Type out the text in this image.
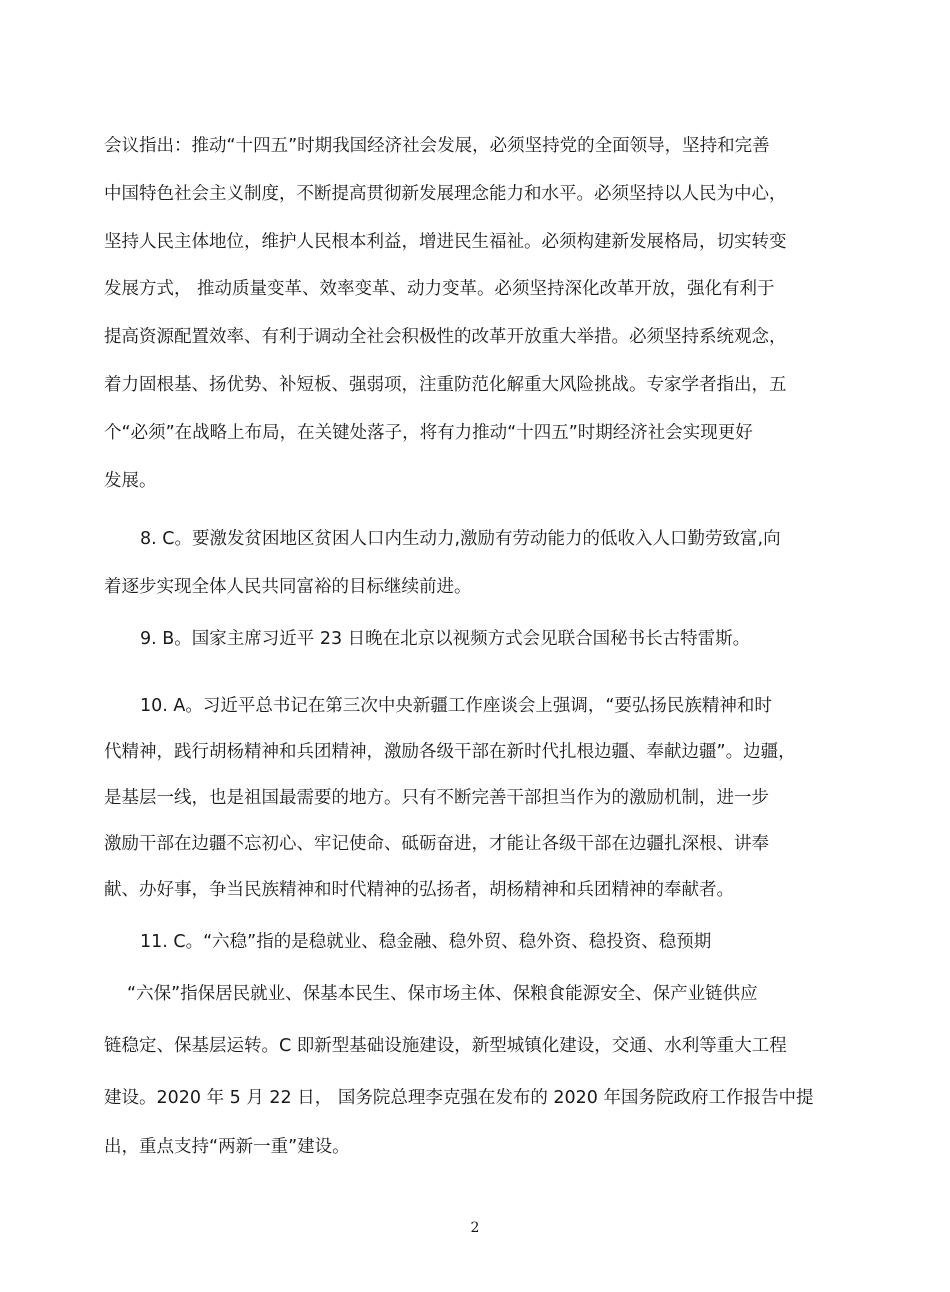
会议指出：推动“十四五”时期我国经济社会发展，必须坚持党的全面领导，坚持和完善
中国特色社会主义制度，不断提高贯彻新发展理念能力和水平。必须坚持以人民为中心，
坚持人民主体地位，维护人民根本利益，增进民生福祉。必须构建新发展格局，切实转变
发展方式， 推动质量变革、效率变革、动力变革。必须坚持深化改革开放，强化有利于
提高资源配置效率、有利于调动全社会积极性的改革开放重大举措。必须坚持系统观念，
着力固根基、扬优势、补短板、强弱项，注重防范化解重大风险挑战。专家学者指出，五
个“必须”在战略上布局，在关键处落子，将有力推动“十四五”时期经济社会实现更好
发展。
8. C。要激发贫困地区贫困人口内生动力,激励有劳动能力的低收入人口勤劳致富,向
着逐步实现全体人民共同富裕的目标继续前进。
9. B。国家主席习近平 23 日晚在北京以视频方式会见联合国秘书长古特雷斯。
10. A。习近平总书记在第三次中央新疆工作座谈会上强调，“要弘扬民族精神和时
代精神，践行胡杨精神和兵团精神，激励各级干部在新时代扎根边疆、奉献边疆”。边疆，
是基层一线，也是祖国最需要的地方。只有不断完善干部担当作为的激励机制，进一步
激励干部在边疆不忘初心、牢记使命、砥砺奋进，才能让各级干部在边疆扎深根、讲奉
献、办好事，争当民族精神和时代精神的弘扬者，胡杨精神和兵团精神的奉献者。
11. C。“六稳”指的是稳就业、稳金融、稳外贸、稳外资、稳投资、稳预期
“六保”指保居民就业、保基本民生、保市场主体、保粮食能源安全、保产业链供应
链稳定、保基层运转。C 即新型基础设施建设，新型城镇化建设，交通、水利等重大工程
建设。2020 年 5 月 22 日， 国务院总理李克强在发布的 2020 年国务院政府工作报告中提
出，重点支持“两新一重”建设。
2
